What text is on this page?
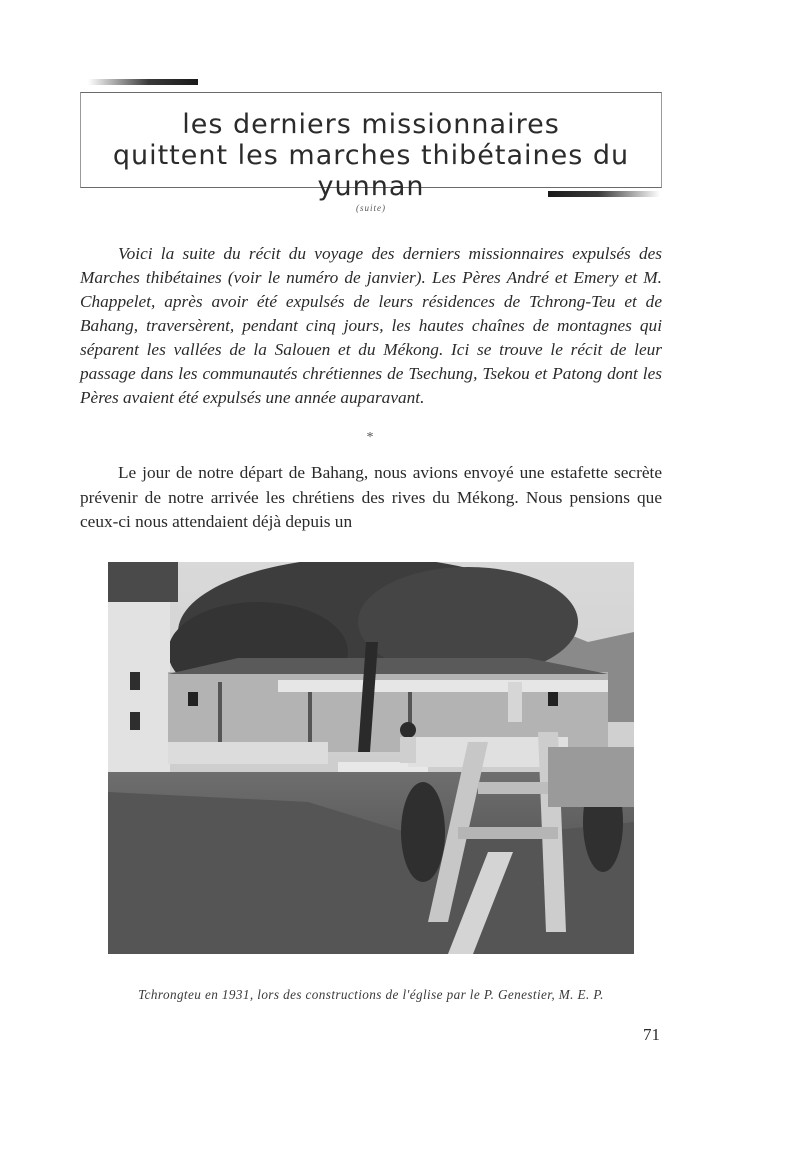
les derniers missionnaires
quittent les marches thibétaines du yunnan
(suite)

Voici la suite du récit du voyage des derniers missionnaires expulsés des Marches thibétaines (voir le numéro de janvier). Les Pères André et Emery et M. Chappelet, après avoir été expulsés de leurs résidences de Tchrong-Teu et de Bahang, traversèrent, pendant cinq jours, les hautes chaînes de montagnes qui séparent les vallées de la Salouen et du Mékong. Ici se trouve le récit de leur passage dans les communautés chrétiennes de Tsechung, Tsekou et Patong dont les Pères avaient été expulsés une année auparavant.

*

Le jour de notre départ de Bahang, nous avions envoyé une estafette secrète prévenir de notre arrivée les chrétiens des rives du Mékong. Nous pensions que ceux-ci nous attendaient déjà depuis un

Tchrongteu en 1931, lors des constructions de l'église par le P. Genestier, M. E. P.
71
